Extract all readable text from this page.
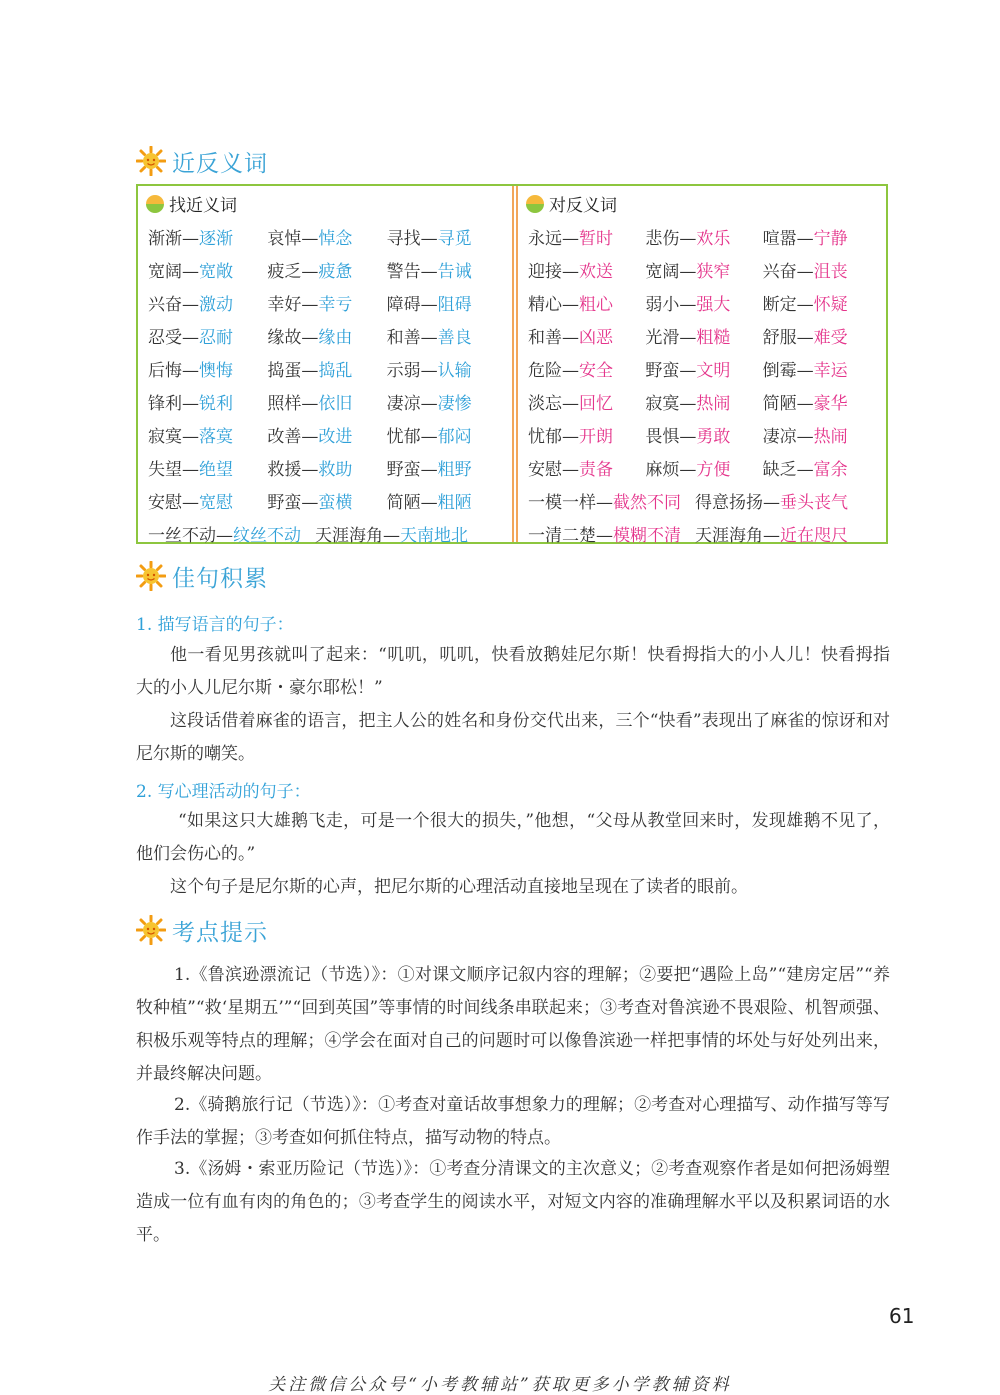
近反义词
找近义词
渐渐—逐渐	哀悼—悼念	寻找—寻觅
宽阔—宽敞	疲乏—疲惫	警告—告诫
兴奋—激动	幸好—幸亏	障碍—阻碍
忍受—忍耐	缘故—缘由	和善—善良
后悔—懊悔	捣蛋—捣乱	示弱—认输
锋利—锐利	照样—依旧	凄凉—凄惨
寂寞—落寞	改善—改进	忧郁—郁闷
失望—绝望	救援—救助	野蛮—粗野
安慰—宽慰	野蛮—蛮横	简陋—粗陋
一丝不动—纹丝不动 天涯海角—天南地北
对反义词
永远—暂时	悲伤—欢乐	喧嚣—宁静
迎接—欢送	宽阔—狭窄	兴奋—沮丧
精心—粗心	弱小—强大	断定—怀疑
和善—凶恶	光滑—粗糙	舒服—难受
危险—安全	野蛮—文明	倒霉—幸运
淡忘—回忆	寂寞—热闹	简陋—豪华
忧郁—开朗	畏惧—勇敢	凄凉—热闹
安慰—责备	麻烦—方便	缺乏—富余
一模一样—截然不同 得意扬扬—垂头丧气
一清二楚—模糊不清 天涯海角—近在咫尺
佳句积累
1. 描写语言的句子：

他一看见男孩就叫了起来：“叽叽，叽叽，快看放鹅娃尼尔斯！快看拇指大的小人儿！快看拇指大的小人儿尼尔斯・豪尔耶松！”

这段话借着麻雀的语言，把主人公的姓名和身份交代出来，三个“快看”表现出了麻雀的惊讶和对尼尔斯的嘲笑。

2. 写心理活动的句子：

“如果这只大雄鹅飞走，可是一个很大的损失，”他想，“父母从教堂回来时，发现雄鹅不见了，他们会伤心的。”

这个句子是尼尔斯的心声，把尼尔斯的心理活动直接地呈现在了读者的眼前。

考点提示

1.《鲁滨逊漂流记（节选）》：①对课文顺序记叙内容的理解；②要把“遇险上岛”“建房定居”“养牧种植”“救‘星期五’”“回到英国”等事情的时间线条串联起来；③考查对鲁滨逊不畏艰险、机智顽强、积极乐观等特点的理解；④学会在面对自己的问题时可以像鲁滨逊一样把事情的坏处与好处列出来，并最终解决问题。

2.《骑鹅旅行记（节选）》：①考查对童话故事想象力的理解；②考查对心理描写、动作描写等写作手法的掌握；③考查如何抓住特点，描写动物的特点。

3.《汤姆・索亚历险记（节选）》：①考查分清课文的主次意义；②考查观察作者是如何把汤姆塑造成一位有血有肉的角色的；③考查学生的阅读水平，对短文内容的准确理解水平以及积累词语的水平。

61
关注微信公众号“小考教辅站”获取更多小学教辅资料
